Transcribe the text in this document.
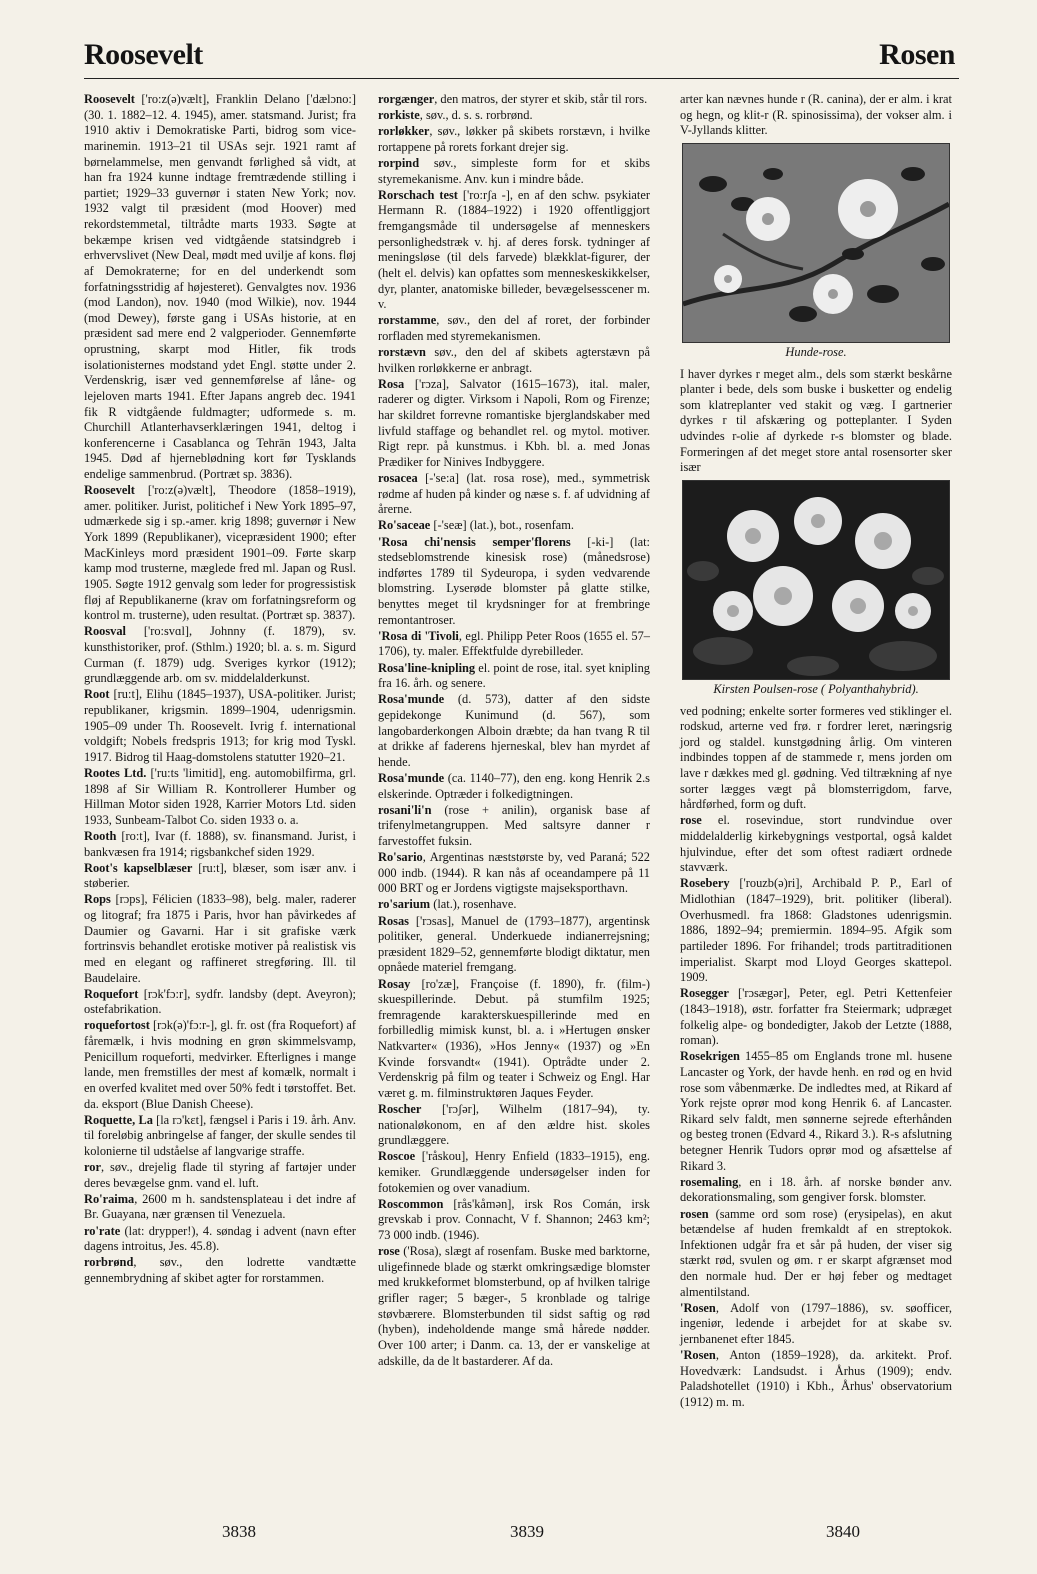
Roosevelt	Rosen
Roosevelt ['ro:z(ə)vælt], Franklin Delano ['dælɔno:] (30. 1. 1882–12. 4. 1945), amer. statsmand. Jurist; fra 1910 aktiv i Demokratiske Parti, bidrog som vice-marinemin. 1913–21 til USAs sejr. 1921 ramt af børnelammelse, men genvandt førlighed så vidt, at han fra 1924 kunne indtage fremtrædende stilling i partiet; 1929–33 guvernør i staten New York; nov. 1932 valgt til præsident (mod Hoover) med rekordstemmetal, tiltrådte marts 1933. Søgte at bekæmpe krisen ved vidtgående statsindgreb i erhvervslivet (New Deal, mødt med uvilje af kons. fløj af Demokraterne; for en del underkendt som forfatningsstridig af højesteret). Genvalgtes nov. 1936 (mod Landon), nov. 1940 (mod Wilkie), nov. 1944 (mod Dewey), første gang i USAs historie, at en præsident sad mere end 2 valgperioder. Gennemførte oprustning, skarpt mod Hitler, fik trods isolationisternes modstand ydet Engl. støtte under 2. Verdenskrig, især ved gennemførelse af låne- og lejeloven marts 1941. Efter Japans angreb dec. 1941 fik R vidtgående fuldmagter; udformede s. m. Churchill Atlanterhavserklæringen 1941, deltog i konferencerne i Casablanca og Tehrān 1943, Jalta 1945. Død af hjerneblødning kort før Tysklands endelige sammenbrud. (Portræt sp. 3836).
Roosevelt ['ro:z(ə)vælt], Theodore (1858–1919), amer. politiker. Jurist, politichef i New York 1895–97, udmærkede sig i sp.-amer. krig 1898; guvernør i New York 1899 (Republikaner), vicepræsident 1900; efter MacKinleys mord præsident 1901–09. Førte skarp kamp mod trusterne, mæglede fred ml. Japan og Rusl. 1905. Søgte 1912 genvalg som leder for progressistisk fløj af Republikanerne (krav om forfatningsreform og kontrol m. trusterne), uden resultat. (Portræt sp. 3837).
Roosval ['ro:svɑl], Johnny (f. 1879), sv. kunsthistoriker, prof. (Sthlm.) 1920; bl. a. s. m. Sigurd Curman (f. 1879) udg. Sveriges kyrkor (1912); grundlæggende arb. om sv. middelalderkunst.
Root [ru:t], Elihu (1845–1937), USA-politiker. Jurist; republikaner, krigsmin. 1899–1904, udenrigsmin. 1905–09 under Th. Roosevelt. Ivrig f. international voldgift; Nobels fredspris 1913; for krig mod Tyskl. 1917. Bidrog til Haag-domstolens statutter 1920–21.
Rootes Ltd. ['ru:ts 'limitid], eng. automobilfirma, grl. 1898 af Sir William R. Kontrollerer Humber og Hillman Motor siden 1928, Karrier Motors Ltd. siden 1933, Sunbeam-Talbot Co. siden 1933 o. a.
Rooth [ro:t], Ivar (f. 1888), sv. finansmand. Jurist, i bankvæsen fra 1914; rigsbankchef siden 1929.
Root's kapselblæser [ru:t], blæser, som især anv. i støberier.
Rops [rɔps], Félicien (1833–98), belg. maler, raderer og litograf; fra 1875 i Paris, hvor han påvirkedes af Daumier og Gavarni. Har i sit grafiske værk fortrinsvis behandlet erotiske motiver på realistisk vis med en elegant og raffineret stregføring. Ill. til Baudelaire.
Roquefort [rɔk'fɔ:r], sydfr. landsby (dept. Aveyron); ostefabrikation.
roquefortost [rɔk(ə)'fɔ:r-], gl. fr. ost (fra Roquefort) af fåremælk, i hvis modning en grøn skimmelsvamp, Penicillum roqueforti, medvirker. Efterlignes i mange lande, men fremstilles der mest af komælk, normalt i en overfed kvalitet med over 50% fedt i tørstoffet. Bet. da. eksport (Blue Danish Cheese).
Roquette, La [la rɔ'kɛt], fængsel i Paris i 19. årh. Anv. til foreløbig anbringelse af fanger, der skulle sendes til kolonierne til udståelse af langvarige straffe.
ror, søv., drejelig flade til styring af fartøjer under deres bevægelse gnm. vand el. luft.
Ro'raima, 2600 m h. sandstensplateau i det indre af Br. Guayana, nær grænsen til Venezuela.
ro'rate (lat: drypper!), 4. søndag i advent (navn efter dagens introitus, Jes. 45.8).
rorbrønd, søv., den lodrette vandtætte gennembrydning af skibet agter for rorstammen.
rorgænger, den matros, der styrer et skib, står til rors.
rorkiste, søv., d. s. s. rorbrønd.
rorløkker, søv., løkker på skibets rorstævn, i hvilke rortappene på rorets forkant drejer sig.
rorpind søv., simpleste form for et skibs styremekanisme. Anv. kun i mindre både.
Rorschach test ['ro:rʃa -], en af den schw. psykiater Hermann R. (1884–1922) i 1920 offentliggjort fremgangsmåde til undersøgelse af menneskers personlighedstræk v. hj. af deres forsk. tydninger af meningsløse (til dels farvede) blækklat-figurer, der (helt el. delvis) kan opfattes som menneskeskikkelser, dyr, planter, anatomiske billeder, bevægelsesscener m. v.
rorstamme, søv., den del af roret, der forbinder rorfladen med styremekanismen.
rorstævn søv., den del af skibets agterstævn på hvilken rorløkkerne er anbragt.
Rosa ['rɔza], Salvator (1615–1673), ital. maler, raderer og digter. Virksom i Napoli, Rom og Firenze; har skildret forrevne romantiske bjerglandskaber med livfuld staffage og behandlet rel. og mytol. motiver. Rigt repr. på kunstmus. i Kbh. bl. a. med Jonas Prædiker for Ninives Indbyggere.
rosacea [-'se:a] (lat. rosa rose), med., symmetrisk rødme af huden på kinder og næse s. f. af udvidning af årerne.
Ro'saceae [-'seæ] (lat.), bot., rosenfam.
'Rosa chi'nensis semper'florens [-ki-] (lat: stedseblomstrende kinesisk rose) (månedsrose) indførtes 1789 til Sydeuropa, i syden vedvarende blomstring. Lyserøde blomster på glatte stilke, benyttes meget til krydsninger for at frembringe remontantroser.
'Rosa di 'Tivoli, egl. Philipp Peter Roos (1655 el. 57–1706), ty. maler. Effektfulde dyrebilleder.
Rosa'line-knipling el. point de rose, ital. syet knipling fra 16. årh. og senere.
Rosa'munde (d. 573), datter af den sidste gepidekonge Kunimund (d. 567), som langobarderkongen Alboin dræbte; da han tvang R til at drikke af faderens hjerneskal, blev han myrdet af hende.
Rosa'munde (ca. 1140–77), den eng. kong Henrik 2.s elskerinde. Optræder i folkedigtningen.
rosani'li'n (rose + anilin), organisk base af trifenylmetangruppen. Med saltsyre danner r farvestoffet fuksin.
Ro'sario, Argentinas næststørste by, ved Paraná; 522 000 indb. (1944). R kan nås af oceandampere på 11 000 BRT og er Jordens vigtigste majseksporthavn.
ro'sarium (lat.), rosenhave.
Rosas ['rɔsas], Manuel de (1793–1877), argentinsk politiker, general. Underkuede indianerrejsning; præsident 1829–52, gennemførte blodigt diktatur, men opnåede materiel fremgang.
Rosay [ro'zæ], Françoise (f. 1890), fr. (film-) skuespillerinde. Debut. på stumfilm 1925; fremragende karakterskuespillerinde med en forbilledlig mimisk kunst, bl. a. i »Hertugen ønsker Natkvarter« (1936), »Hos Jenny« (1937) og »En Kvinde forsvandt« (1941). Optrådte under 2. Verdenskrig på film og teater i Schweiz og Engl. Har været g. m. filminstruktøren Jaques Feyder.
Roscher ['rɔʃər], Wilhelm (1817–94), ty. nationaløkonom, en af den ældre hist. skoles grundlæggere.
Roscoe ['råskou], Henry Enfield (1833–1915), eng. kemiker. Grundlæggende undersøgelser inden for fotokemien og over vanadium.
Roscommon [rås'kåmən], irsk Ros Comán, irsk grevskab i prov. Connacht, V f. Shannon; 2463 km²; 73 000 indb. (1946).
rose ('Rosa), slægt af rosenfam. Buske med barktorne, uligefinnede blade og stærkt omkringsædige blomster med krukkeformet blomsterbund, op af hvilken talrige grifler rager; 5 bæger-, 5 kronblade og talrige støvbærere. Blomsterbunden til sidst saftig og rød (hyben), indeholdende mange små hårede nødder. Over 100 arter; i Danm. ca. 13, der er vanskelige at adskille, da de lt bastarderer. Af da.
arter kan nævnes hunde r (R. canina), der er alm. i krat og hegn, og klit-r (R. spinosissima), der vokser alm. i V-Jyllands klitter.
Hunde-rose.
I haver dyrkes r meget alm., dels som stærkt beskårne planter i bede, dels som buske i busketter og endelig som klatreplanter ved stakit og væg. I gartnerier dyrkes r til afskæring og potteplanter. I Syden udvindes r-olie af dyrkede r-s blomster og blade. Formeringen af det meget store antal rosensorter sker især
Kirsten Poulsen-rose ( Polyanthahybrid).
ved podning; enkelte sorter formeres ved stiklinger el. rodskud, arterne ved frø. r fordrer leret, næringsrig jord og staldel. kunstgødning årlig. Om vinteren indbindes toppen af de stammede r, mens jorden om lave r dækkes med gl. gødning. Ved tiltrækning af nye sorter lægges vægt på blomsterrigdom, farve, hårdførhed, form og duft.
rose el. rosevindue, stort rundvindue over middelalderlig kirkebygnings vestportal, også kaldet hjulvindue, efter det som oftest radiært ordnede stavværk.
Rosebery ['rouzb(ə)ri], Archibald P. P., Earl of Midlothian (1847–1929), brit. politiker (liberal). Overhusmedl. fra 1868: Gladstones udenrigsmin. 1886, 1892–94; premiermin. 1894–95. Afgik som partileder 1896. For frihandel; trods partitraditionen imperialist. Skarpt mod Lloyd Georges skattepol. 1909.
Rosegger ['rɔsægər], Peter, egl. Petri Kettenfeier (1843–1918), østr. forfatter fra Steiermark; udpræget folkelig alpe- og bondedigter, Jakob der Letzte (1888, roman).
Rosekrigen 1455–85 om Englands trone ml. husene Lancaster og York, der havde henh. en rød og en hvid rose som våbenmærke. De indledtes med, at Rikard af York rejste oprør mod kong Henrik 6. af Lancaster. Rikard selv faldt, men sønnerne sejrede efterhånden og besteg tronen (Edvard 4., Rikard 3.). R-s afslutning betegner Henrik Tudors oprør mod og afsættelse af Rikard 3.
rosemaling, en i 18. årh. af norske bønder anv. dekorationsmaling, som gengiver forsk. blomster.
rosen (samme ord som rose) (erysipelas), en akut betændelse af huden fremkaldt af en streptokok. Infektionen udgår fra et sår på huden, der viser sig stærkt rød, svulen og øm. r er skarpt afgrænset mod den normale hud. Der er høj feber og medtaget almentilstand.
'Rosen, Adolf von (1797–1886), sv. søofficer, ingeniør, ledende i arbejdet for at skabe sv. jernbanenet efter 1845.
'Rosen, Anton (1859–1928), da. arkitekt. Prof. Hovedværk: Landsudst. i Århus (1909); endv. Paladshotellet (1910) i Kbh., Århus' observatorium (1912) m. m.
3838	3839	3840
